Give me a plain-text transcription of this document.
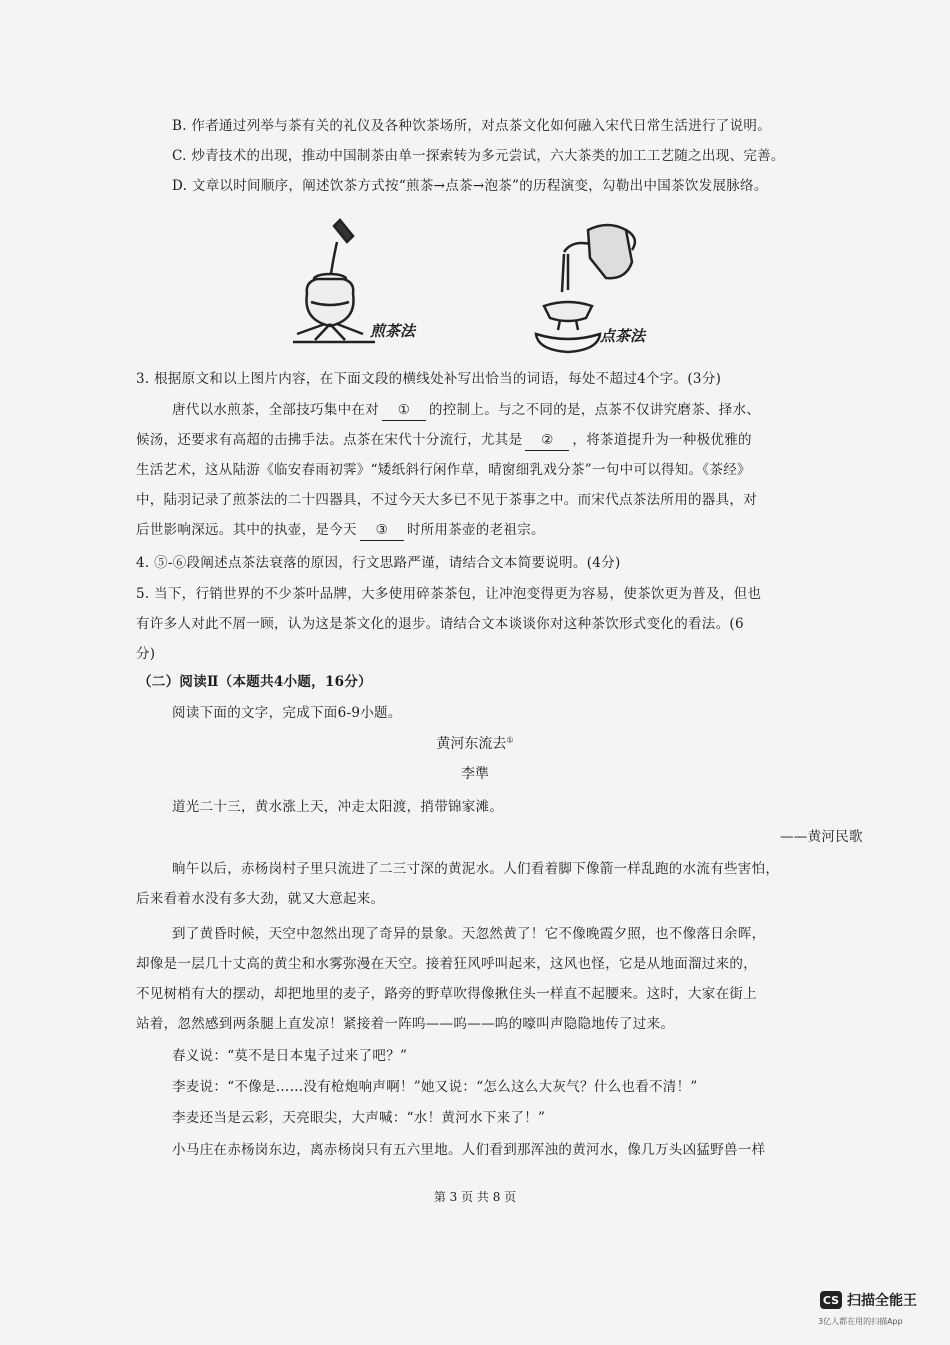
B. 作者通过列举与茶有关的礼仪及各种饮茶场所，对点茶文化如何融入宋代日常生活进行了说明。
C. 炒青技术的出现，推动中国制茶由单一探索转为多元尝试，六大茶类的加工工艺随之出现、完善。
D. 文章以时间顺序，阐述饮茶方式按“煎茶→点茶→泡茶”的历程演变，勾勒出中国茶饮发展脉络。
煎茶法	点茶法
3. 根据原文和以上图片内容，在下面文段的横线处补写出恰当的词语，每处不超过4个字。(3分)
唐代以水煎茶，全部技巧集中在对 ① 的控制上。与之不同的是，点茶不仅讲究磨茶、择水、
候汤，还要求有高超的击拂手法。点茶在宋代十分流行，尤其是 ② ，将茶道提升为一种极优雅的
生活艺术，这从陆游《临安春雨初霁》“矮纸斜行闲作草，晴窗细乳戏分茶”一句中可以得知。《茶经》
中，陆羽记录了煎茶法的二十四器具，不过今天大多已不见于茶事之中。而宋代点茶法所用的器具，对
后世影响深远。其中的执壶，是今天 ③ 时所用茶壶的老祖宗。
4. ⑤-⑥段阐述点茶法衰落的原因，行文思路严谨，请结合文本简要说明。(4分)
5. 当下，行销世界的不少茶叶品牌，大多使用碎茶茶包，让冲泡变得更为容易，使茶饮更为普及，但也
有许多人对此不屑一顾，认为这是茶文化的退步。请结合文本谈谈你对这种茶饮形式变化的看法。(6
分)
（二）阅读Ⅱ（本题共4小题，16分）
阅读下面的文字，完成下面6-9小题。
黄河东流去①
李準
道光二十三，黄水涨上天，冲走太阳渡，捎带锦家滩。
——黄河民歌
晌午以后，赤杨岗村子里只流进了二三寸深的黄泥水。人们看着脚下像箭一样乱跑的水流有些害怕，
后来看着水没有多大劲，就又大意起来。
到了黄昏时候，天空中忽然出现了奇异的景象。天忽然黄了！它不像晚霞夕照，也不像落日余晖，
却像是一层几十丈高的黄尘和水雾弥漫在天空。接着狂风呼叫起来，这风也怪，它是从地面溜过来的，
不见树梢有大的摆动，却把地里的麦子，路旁的野草吹得像揪住头一样直不起腰来。这时，大家在街上
站着，忽然感到两条腿上直发凉！紧接着一阵呜——呜——呜的嚎叫声隐隐地传了过来。
春义说：“莫不是日本鬼子过来了吧？”
李麦说：“不像是……没有枪炮响声啊！”她又说：“怎么这么大灰气？什么也看不清！”
李麦还当是云彩，天亮眼尖，大声喊：“水！黄河水下来了！”
小马庄在赤杨岗东边，离赤杨岗只有五六里地。人们看到那浑浊的黄河水，像几万头凶猛野兽一样
第 3 页 共 8 页
CS 扫描全能王
3亿人都在用的扫描App
